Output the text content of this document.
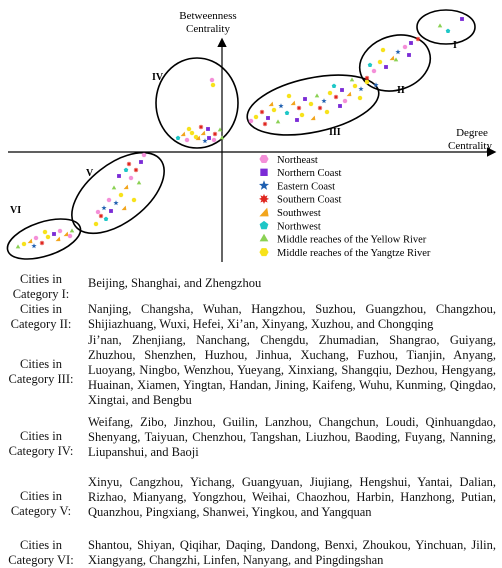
Betweenness
Centrality
Degree
Centrality
I
II
III
IV
V
VI
Northeast
Northern Coast
Eastern Coast
Southern Coast
Southwest
Northwest
Middle reaches of the Yellow River
Middle reaches of the Yangtze River
Cities in
Category I:
Beijing, Shanghai, and Zhengzhou
Cities in
Category II:
Nanjing, Changsha, Wuhan, Hangzhou, Suzhou, Guangzhou, Changzhou, Shijiazhuang, Wuxi, Hefei, Xi’an, Xinyang, Xuzhou, and Chongqing
Cities in
Category III:
Ji’nan, Zhenjiang, Nanchang, Chengdu, Zhumadian, Shangrao, Guiyang, Zhuzhou, Shenzhen, Huzhou, Jinhua, Xuchang, Fuzhou, Tianjin, Anyang, Luoyang, Ningbo, Wenzhou, Yueyang, Xinxiang, Shangqiu, Dezhou, Hengyang, Huainan, Xiamen, Yingtan, Handan, Jining, Kaifeng, Wuhu, Kunming, Qingdao, Xingtai, and Bengbu
Cities in
Category IV:
Weifang, Zibo, Jinzhou, Guilin, Lanzhou, Changchun, Loudi, Qinhuangdao, Shenyang, Taiyuan, Chenzhou, Tangshan, Liuzhou, Baoding, Fuyang, Nanning, Liupanshui, and Baoji
Cities in
Category V:
Xinyu, Cangzhou, Yichang, Guangyuan, Jiujiang, Hengshui, Yantai, Dalian, Rizhao, Mianyang, Yongzhou, Weihai, Chaozhou, Harbin, Hanzhong, Putian, Quanzhou, Pingxiang, Shanwei, Yingkou, and Yangquan
Cities in
Category VI:
Shantou, Shiyan, Qiqihar, Daqing, Dandong, Benxi, Zhoukou, Yinchuan, Jilin, Xiangyang, Changzhi, Linfen, Nanyang, and Pingdingshan
